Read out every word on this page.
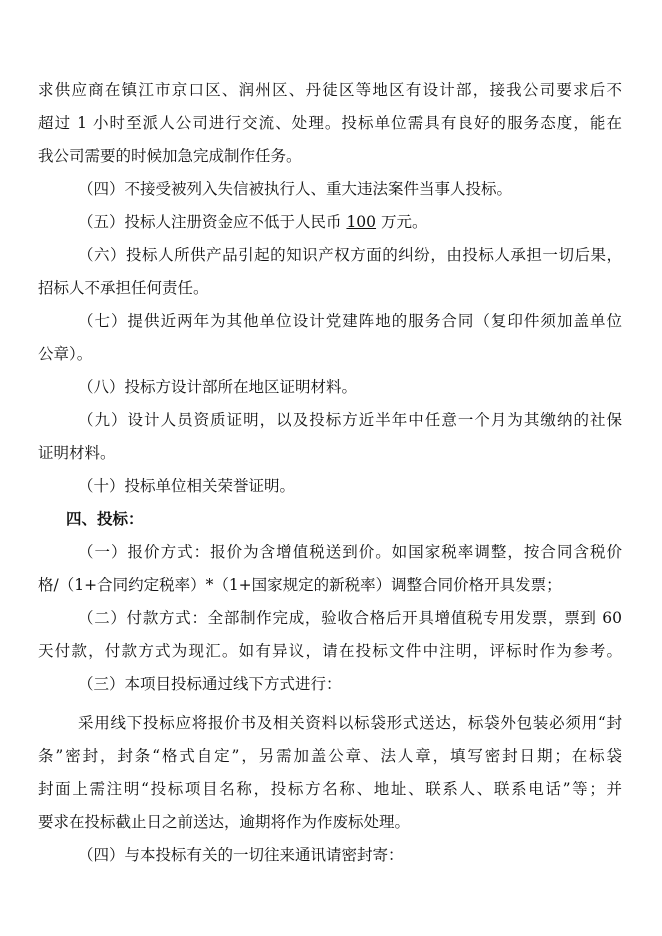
求供应商在镇江市京口区、润州区、丹徒区等地区有设计部，接我公司要求后不
超过 1 小时至派人公司进行交流、处理。投标单位需具有良好的服务态度，能在
我公司需要的时候加急完成制作任务。
（四）不接受被列入失信被执行人、重大违法案件当事人投标。
（五）投标人注册资金应不低于人民币 100 万元。
（六）投标人所供产品引起的知识产权方面的纠纷，由投标人承担一切后果，
招标人不承担任何责任。
（七）提供近两年为其他单位设计党建阵地的服务合同（复印件须加盖单位
公章）。
（八）投标方设计部所在地区证明材料。
（九）设计人员资质证明，以及投标方近半年中任意一个月为其缴纳的社保
证明材料。
（十）投标单位相关荣誉证明。
四、投标：
（一）报价方式：报价为含增值税送到价。如国家税率调整，按合同含税价
格/（1+合同约定税率）*（1+国家规定的新税率）调整合同价格开具发票；
（二）付款方式：全部制作完成，验收合格后开具增值税专用发票，票到 60
天付款，付款方式为现汇。如有异议，请在投标文件中注明，评标时作为参考。
（三）本项目投标通过线下方式进行：
采用线下投标应将报价书及相关资料以标袋形式送达，标袋外包装必须用“封
条”密封，封条“格式自定”，另需加盖公章、法人章，填写密封日期；在标袋
封面上需注明“投标项目名称，投标方名称、地址、联系人、联系电话”等；并
要求在投标截止日之前送达，逾期将作为作废标处理。
（四）与本投标有关的一切往来通讯请密封寄：
